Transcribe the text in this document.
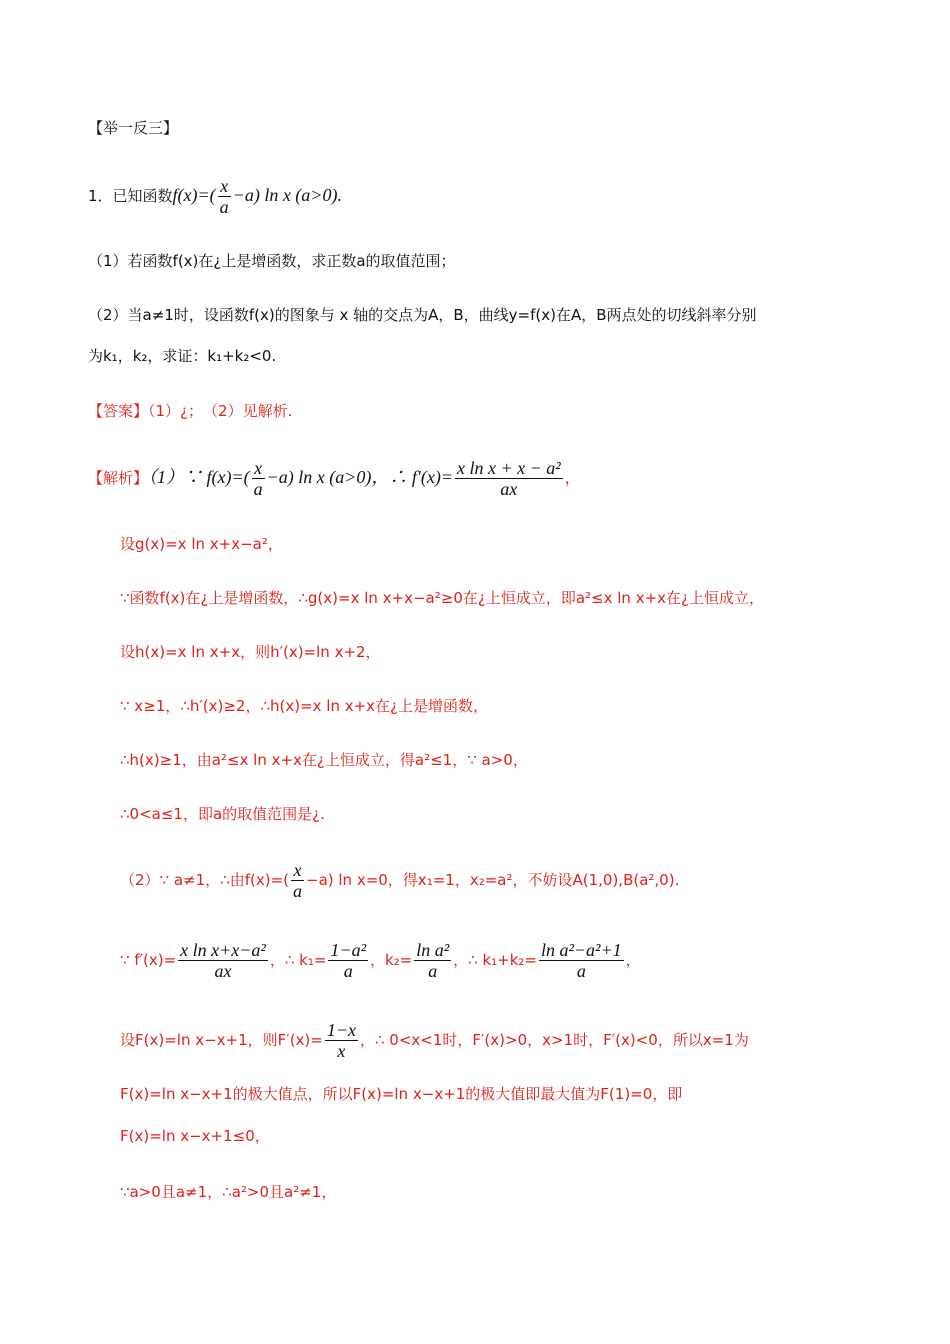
【举一反三】
1．已知函数$f(x)=( \frac{x}{a} -a)$ ln x (a>0).
（1）若函数f(x)在¿上是增函数，求正数a的取值范围；
（2）当a≠1时，设函数f(x)的图象与 x 轴的交点为A，B，曲线y=f(x)在A，B两点处的切线斜率分别
为k₁，k₂，求证：k₁+k₂<0.
【答案】（1）¿；　（2）见解析.
【解析】（1）∵ $f(x)=( \frac{x}{a} -a)$ ln x (a>0)，∴ $f'(x)= \frac{\text{x ln x + x − a²}}{ax}$ ，
设g(x)=x ln x+x−a²，
∵函数f(x)在¿上是增函数，∴g(x)=x ln x+x−a²≥0在¿上恒成立，即a²≤x ln x+x在¿上恒成立，
设h(x)=x ln x+x，则h′(x)=ln x+2，
∵ x≥1，∴h′(x)≥2，∴h(x)=x ln x+x在¿上是增函数，
∴h(x)≥1，由a²≤x ln x+x在¿上恒成立，得a²≤1，∵ a>0，
∴0<a≤1，即a的取值范围是¿.
（2）∵ a≠1，∴由$f(x)=( \frac{x}{a} -a)$ ln x=0，得x₁=1，x₂=a²，不妨设A(1,0),B(a²,0).
∵ $f'(x)= \frac{\text{x ln x+x−a²}}{ax}$ ，∴ $k_1= \frac{\text{1−a²}}{a}$ ，$k_2= \frac{\text{ln a²}}{a}$ ，∴ $k_1+k_2= \frac{\text{ln a²−a²+1}}{a}$ ，
设F(x)=ln x−x+1，则$F'(x)= \frac{1-x}{x}$ ，∴ 0<x<1时，F′(x)>0，x>1时，F′(x)<0，所以x=1为
F(x)=ln x−x+1的极大值点，所以F(x)=ln x−x+1的极大值即最大值为F(1)=0，即
F(x)=ln x−x+1≤0，
∵a>0且a≠1，∴a²>0且a²≠1，
